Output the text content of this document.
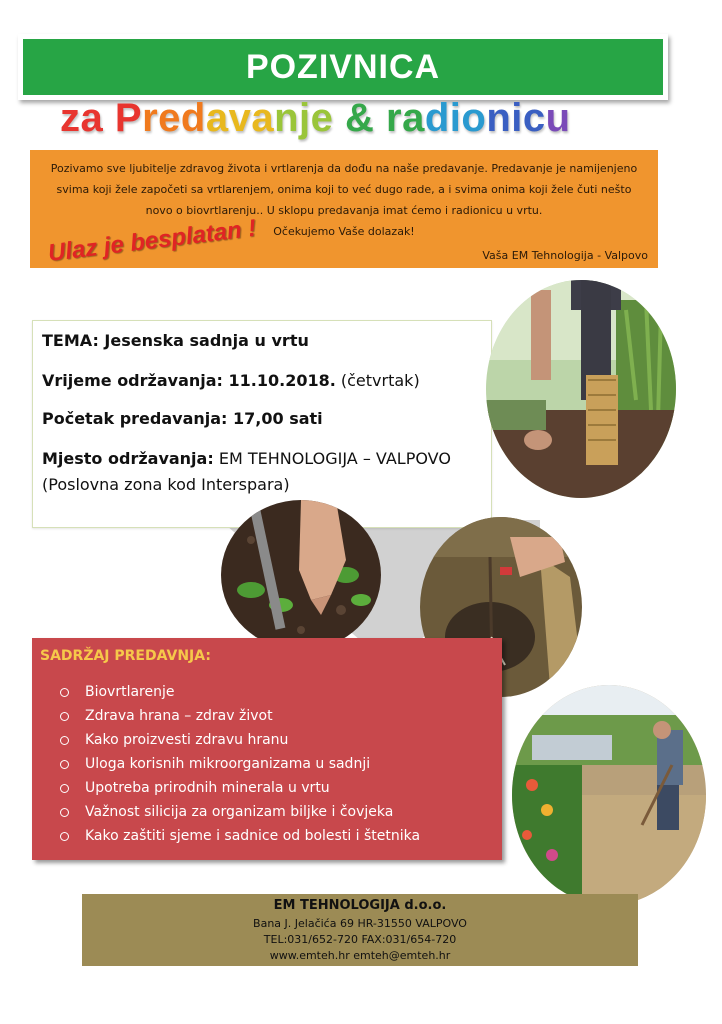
POZIVNICA
za Predavanje & radionicu
Pozivamo sve ljubitelje zdravog života i vrtlarenja da dođu na naše predavanje. Predavanje je namijenjeno
svima koji žele započeti sa vrtlarenjem, onima koji to već dugo rade, a i svima onima koji žele čuti nešto
novo o biovrtlarenju.. U sklopu predavanja imat ćemo i radionicu u vrtu.
Očekujemo Vaše dolazak!
Vaša EM Tehnologija - Valpovo
Ulaz je besplatan !
TEMA: Jesenska sadnja u vrtu
Vrijeme održavanja: 11.10.2018. (četvrtak)
Početak predavanja: 17,00 sati
Mjesto održavanja: EM TEHNOLOGIJA – VALPOVO
(Poslovna zona kod Interspara)
SADRŽAJ PREDAVNJA:
Biovrtlarenje
Zdrava hrana – zdrav život
Kako proizvesti zdravu hranu
Uloga korisnih mikroorganizama u sadnji
Upotreba prirodnih minerala u vrtu
Važnost silicija za organizam biljke i čovjeka
Kako zaštiti sjeme i sadnice od bolesti i štetnika
EM TEHNOLOGIJA d.o.o.
Bana J. Jelačića 69 HR-31550 VALPOVO
TEL:031/652-720 FAX:031/654-720
www.emteh.hr emteh@emteh.hr
